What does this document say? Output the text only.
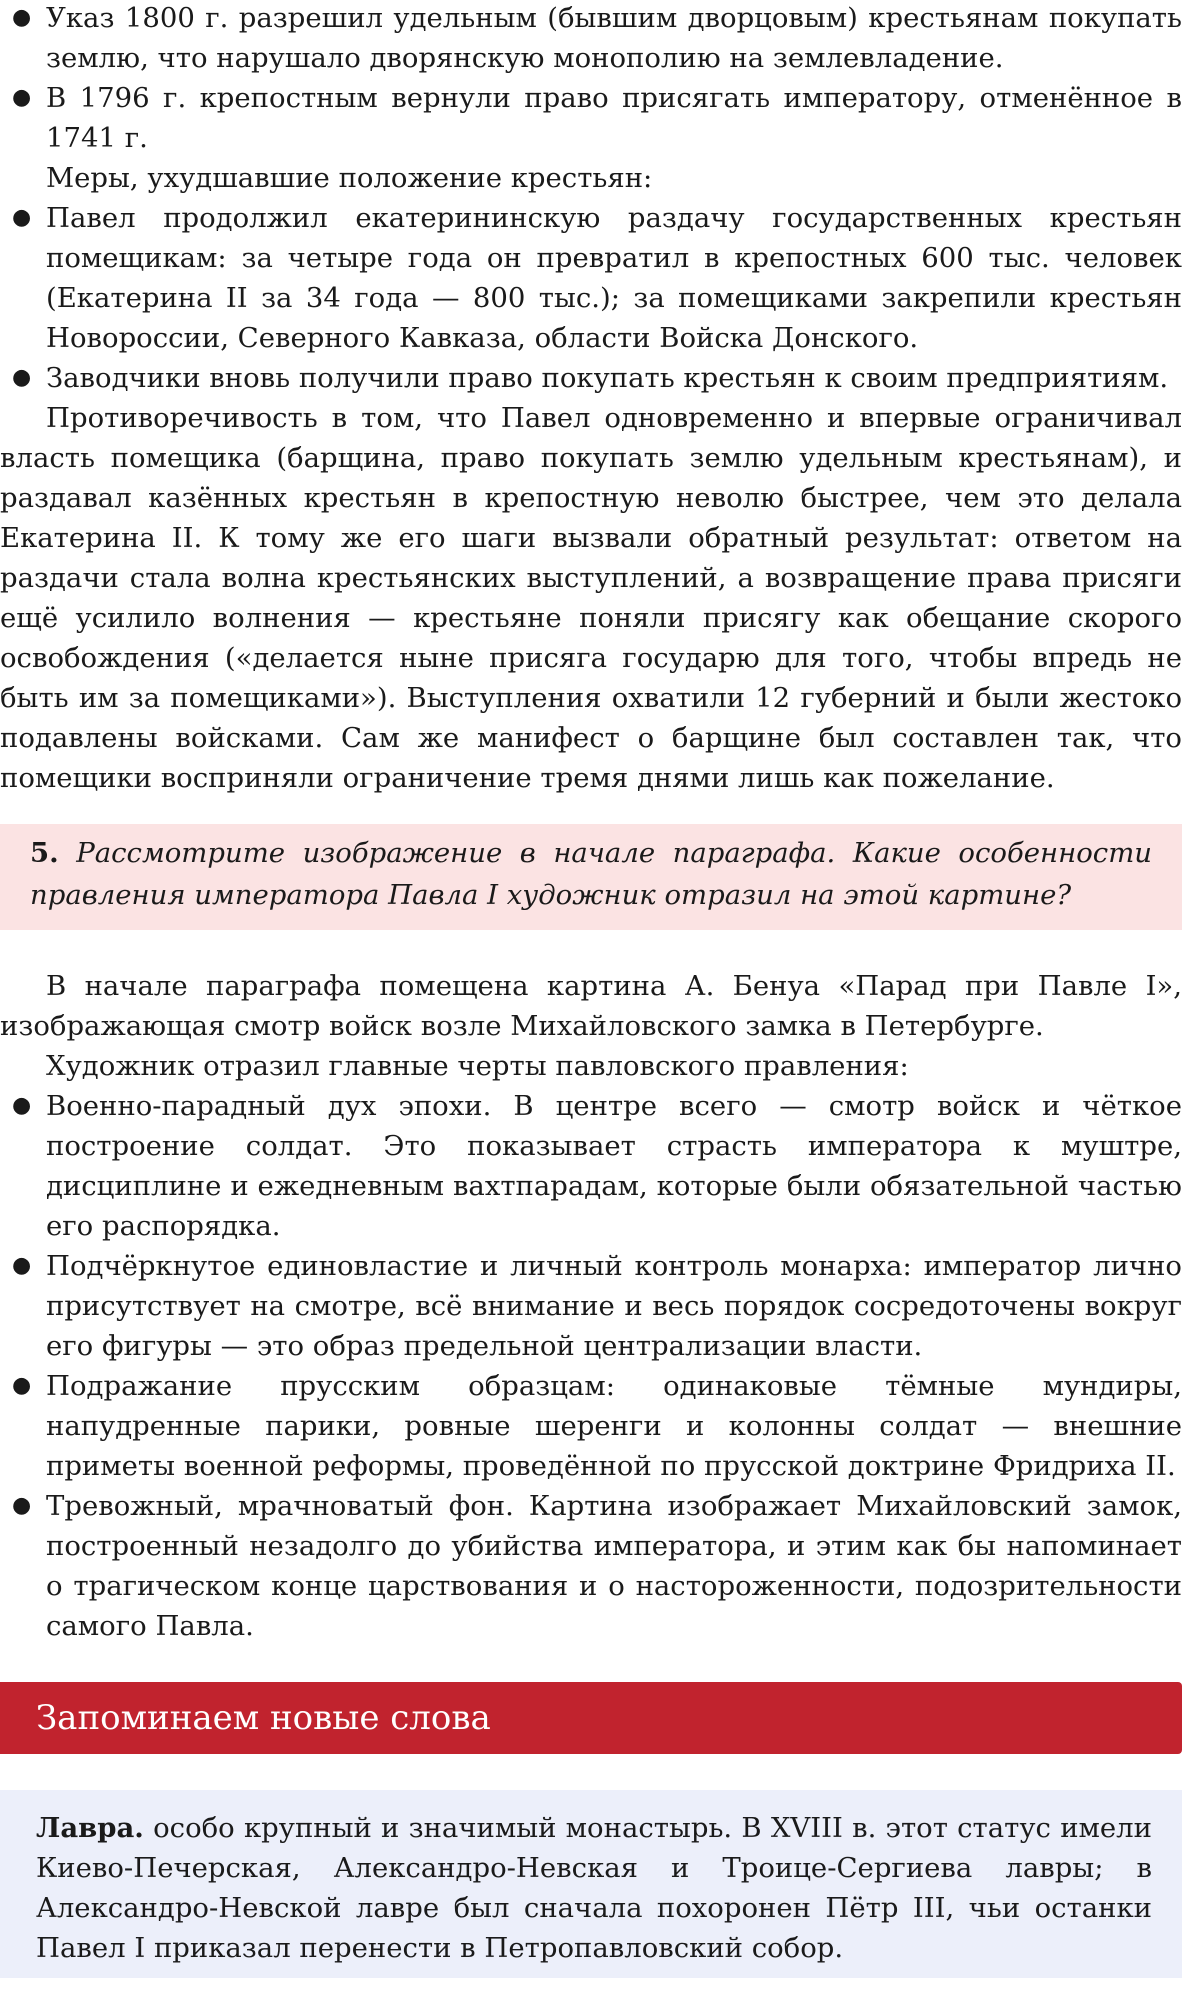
● Указ 1800 г. разрешил удельным (бывшим дворцовым) крестьянам покупать землю, что нарушало дворянскую монополию на землевладение.
● В 1796 г. крепостным вернули право присягать императору, отменённое в 1741 г.

Меры, ухудшавшие положение крестьян:

● Павел продолжил екатерининскую раздачу государственных крестьян помещикам: за четыре года он превратил в крепостных 600 тыс. человек (Екатерина II за 34 года — 800 тыс.); за помещиками закрепили крестьян Новороссии, Северного Кавказа, области Войска Донского.
● Заводчики вновь получили право покупать крестьян к своим предприятиям.

Противоречивость в том, что Павел одновременно и впервые ограничивал власть помещика (барщина, право покупать землю удельным крестьянам), и раздавал казённых крестьян в крепостную неволю быстрее, чем это делала Екатерина II. К тому же его шаги вызвали обратный результат: ответом на раздачи стала волна крестьянских выступлений, а возвращение права присяги ещё усилило волнения — крестьяне поняли присягу как обещание скорого освобождения («делается ныне присяга государю для того, чтобы впредь не быть им за помещиками»). Выступления охватили 12 губерний и были жестоко подавлены войсками. Сам же манифест о барщине был составлен так, что помещики восприняли ограничение тремя днями лишь как пожелание.

5. Рассмотрите изображение в начале параграфа. Какие особенности правления императора Павла I художник отразил на этой картине?

В начале параграфа помещена картина А. Бенуа «Парад при Павле I», изображающая смотр войск возле Михайловского замка в Петербурге.

Художник отразил главные черты павловского правления:

● Военно-парадный дух эпохи. В центре всего — смотр войск и чёткое построение солдат. Это показывает страсть императора к муштре, дисциплине и ежедневным вахтпарадам, которые были обязательной частью его распорядка.
● Подчёркнутое единовластие и личный контроль монарха: император лично присутствует на смотре, всё внимание и весь порядок сосредоточены вокруг его фигуры — это образ предельной централизации власти.
● Подражание прусским образцам: одинаковые тёмные мундиры, напудренные парики, ровные шеренги и колонны солдат — внешние приметы военной реформы, проведённой по прусской доктрине Фридриха II.
● Тревожный, мрачноватый фон. Картина изображает Михайловский замок, построенный незадолго до убийства императора, и этим как бы напоминает о трагическом конце царствования и о настороженности, подозрительности самого Павла.
Запоминаем новые слова
Лавра. особо крупный и значимый монастырь. В XVIII в. этот статус имели Киево-Печерская, Александро-Невская и Троице-Сергиева лавры; в Александро-Невской лавре был сначала похоронен Пётр III, чьи останки Павел I приказал перенести в Петропавловский собор.
